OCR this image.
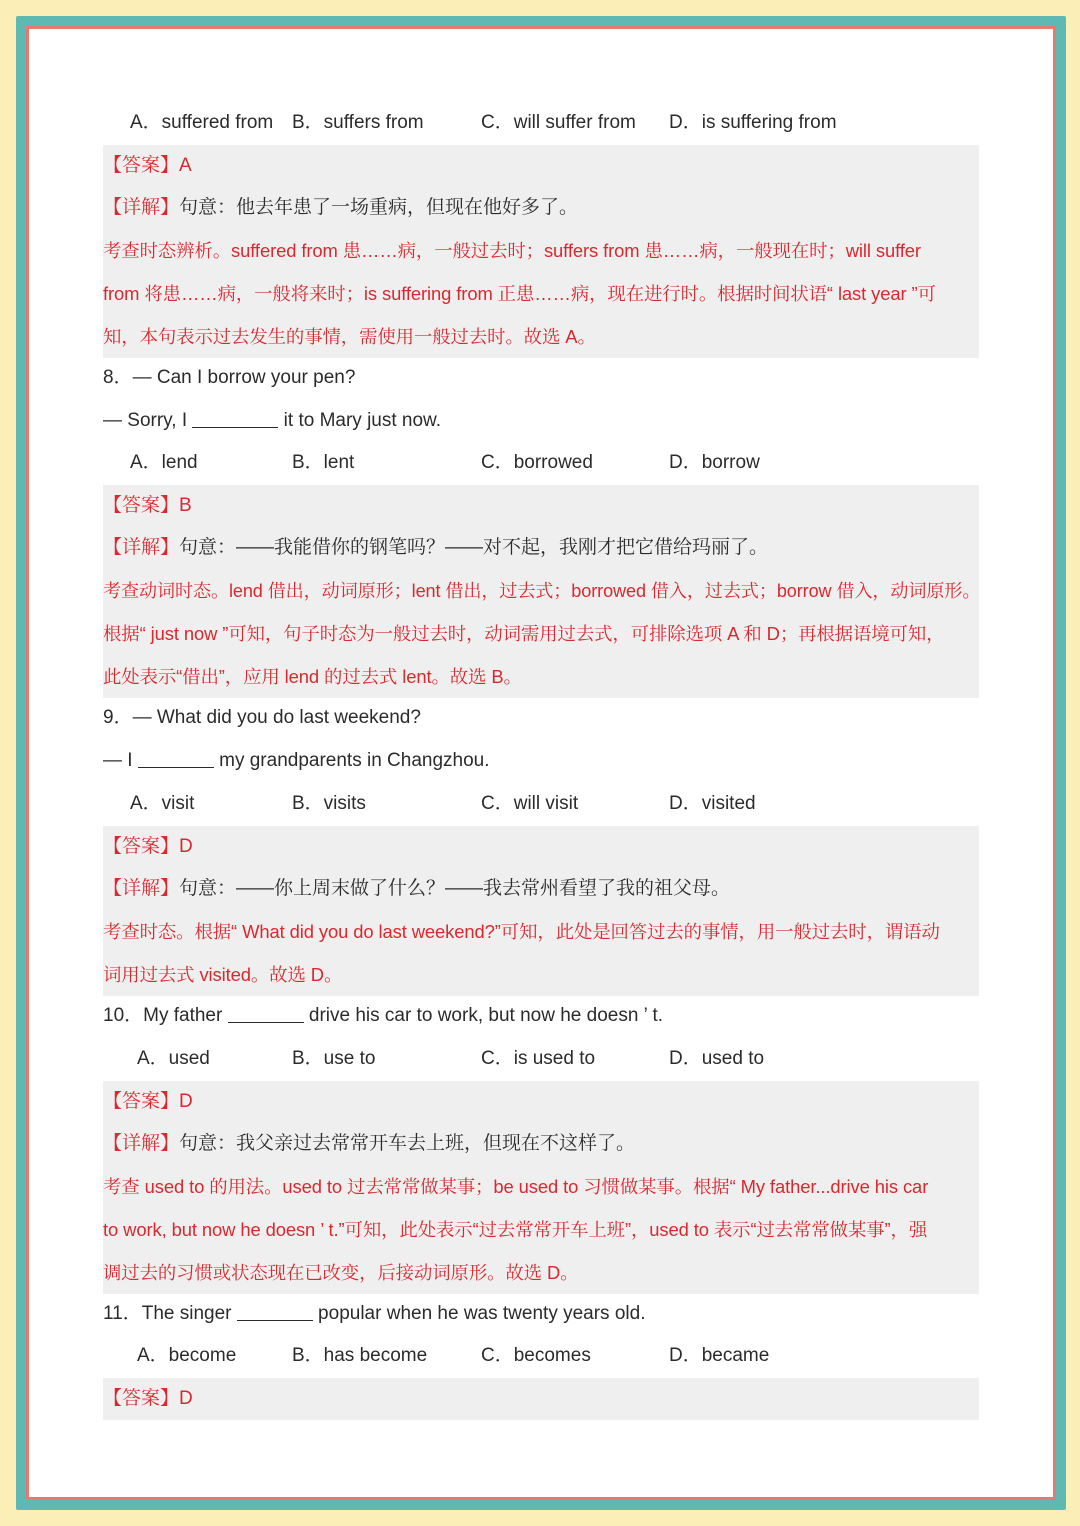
A．suffered from B．suffers from	C．will suffer from D．is suffering from
【答案】A
【详解】句意：他去年患了一场重病，但现在他好多了。
考查时态辨析。suffered from 患……病，一般过去时；suffers from 患……病，一般现在时；will suffer
from 将患……病，一般将来时；is suffering from 正患……病，现在进行时。根据时间状语“ last year ”可
知，本句表示过去发生的事情，需使用一般过去时。故选 A。
8．— Can I borrow your pen?
— Sorry, I	it to Mary just now.
A．lend	B．lent	C．borrowed	D．borrow
【答案】B
【详解】句意：——我能借你的钢笔吗？——对不起，我刚才把它借给玛丽了。
考查动词时态。lend 借出，动词原形；lent 借出，过去式；borrowed 借入，过去式；borrow 借入，动词原形。
根据“ just now ”可知，句子时态为一般过去时，动词需用过去式，可排除选项 A 和 D；再根据语境可知，
此处表示“借出”，应用 lend 的过去式 lent。故选 B。
9．— What did you do last weekend?
— I	my grandparents in Changzhou.
A．visit	B．visits	C．will visit	D．visited
【答案】D
【详解】句意：——你上周末做了什么？——我去常州看望了我的祖父母。
考查时态。根据“ What did you do last weekend?”可知，此处是回答过去的事情，用一般过去时，谓语动
词用过去式 visited。故选 D。
10．My father	drive his car to work, but now he doesn ’ t.
A．used	B．use to	C．is used to	D．used to
【答案】D
【详解】句意：我父亲过去常常开车去上班，但现在不这样了。
考查 used to 的用法。used to 过去常常做某事；be used to 习惯做某事。根据“ My father...drive his car
to work, but now he doesn ’ t.”可知，此处表示“过去常常开车上班”，used to 表示“过去常常做某事”，强
调过去的习惯或状态现在已改变，后接动词原形。故选 D。
11．The singer	popular when he was twenty years old.
A．become	B．has become	C．becomes	D．became
【答案】D
